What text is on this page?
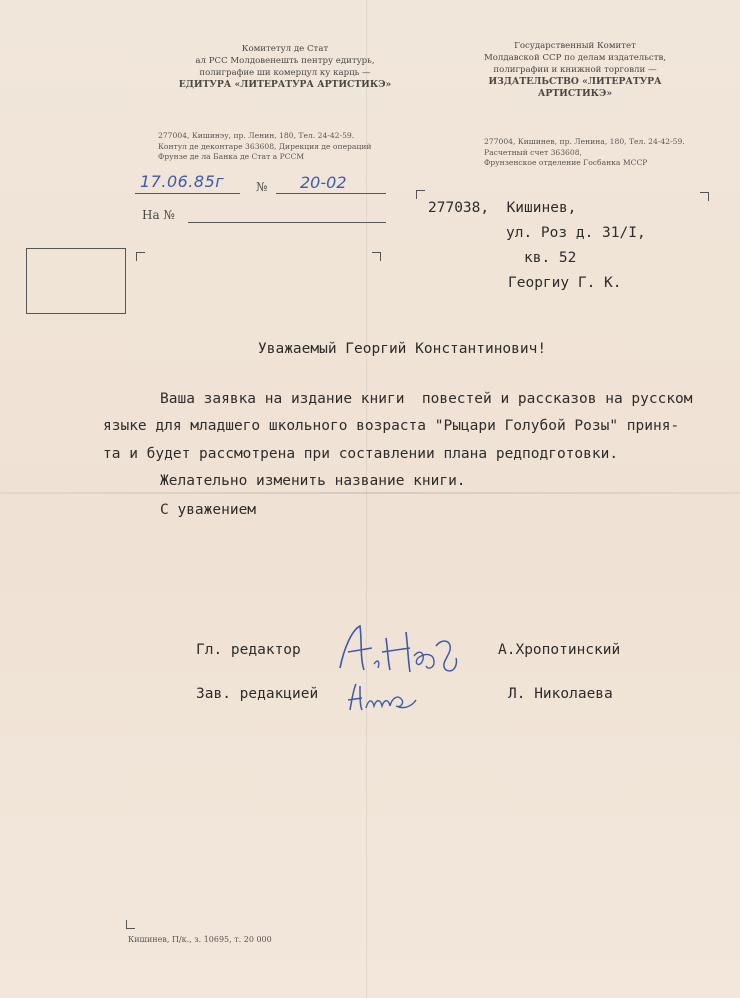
Комитетул де Стат
ал РСС Молдовенешть пентру едитурь,
полиграфие ши комерцул ку карць —
ЕДИТУРА «ЛИТЕРАТУРА АРТИСТИКЭ»
277004, Кишинэу, пр. Ленин, 180, Тел. 24-42-59.
Контул де деконтаре 363608, Дирекция де операций
Фрунзе де ла Банка де Стат а РССМ
Государственный Комитет
Молдавской ССР по делам издательств,
полиграфии и книжной торговли —
ИЗДАТЕЛЬСТВО «ЛИТЕРАТУРА АРТИСТИКЭ»
277004, Кишинев, пр. Ленина, 180, Тел. 24-42-59.
Расчетный счет 363608,
Фрунзенское отделение Госбанка МССР
17.06.85г	№ 20-02
На №	277038,  Кишинев,
ул. Роз д. 31/I,
кв. 52
Георгиу Г. К.
Уважаемый Георгий Константинович!
Ваша заявка на издание книги  повестей и рассказов на русском
языке для младшего школьного возраста "Рыцари Голубой Розы" приня-
та и будет рассмотрена при составлении плана редподготовки.
Желательно изменить название книги.
С уважением
Гл. редактор	А.Хропотинский
Зав. редакцией	Л. Николаева
Кишинев, П/к., з. 10695, т. 20 000
